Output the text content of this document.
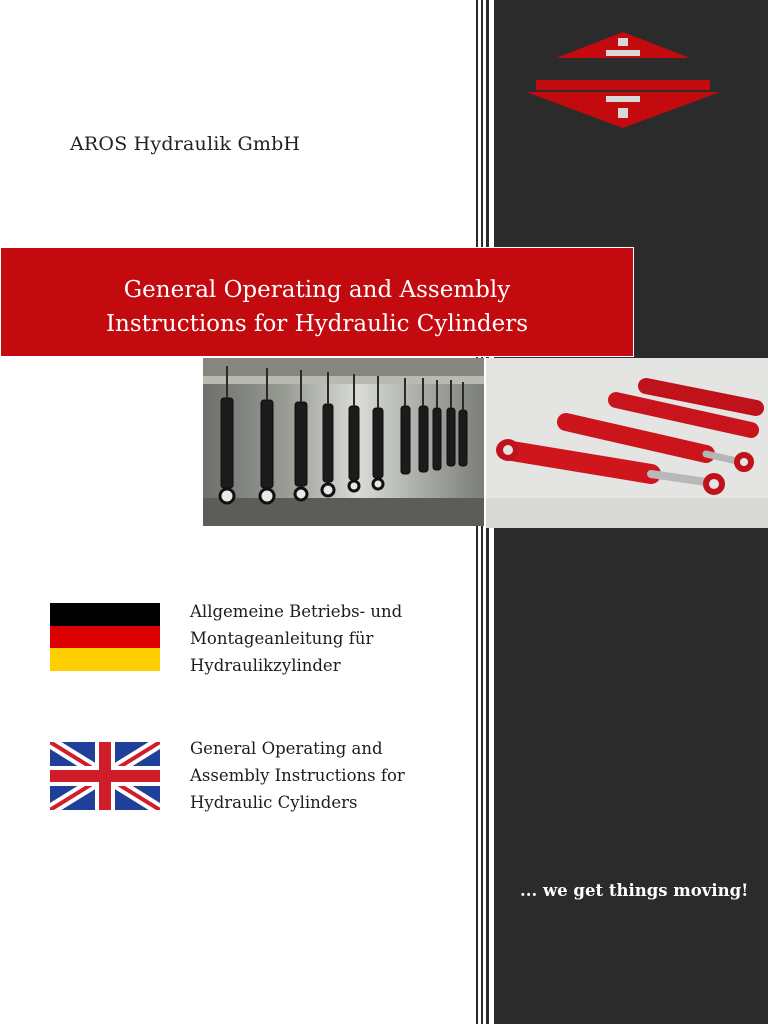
AROS Hydraulik GmbH
General Operating and Assembly
Instructions for Hydraulic Cylinders
Allgemeine Betriebs- und
Montageanleitung für
Hydraulikzylinder
General Operating and
Assembly Instructions for
Hydraulic Cylinders
... we get things moving!
